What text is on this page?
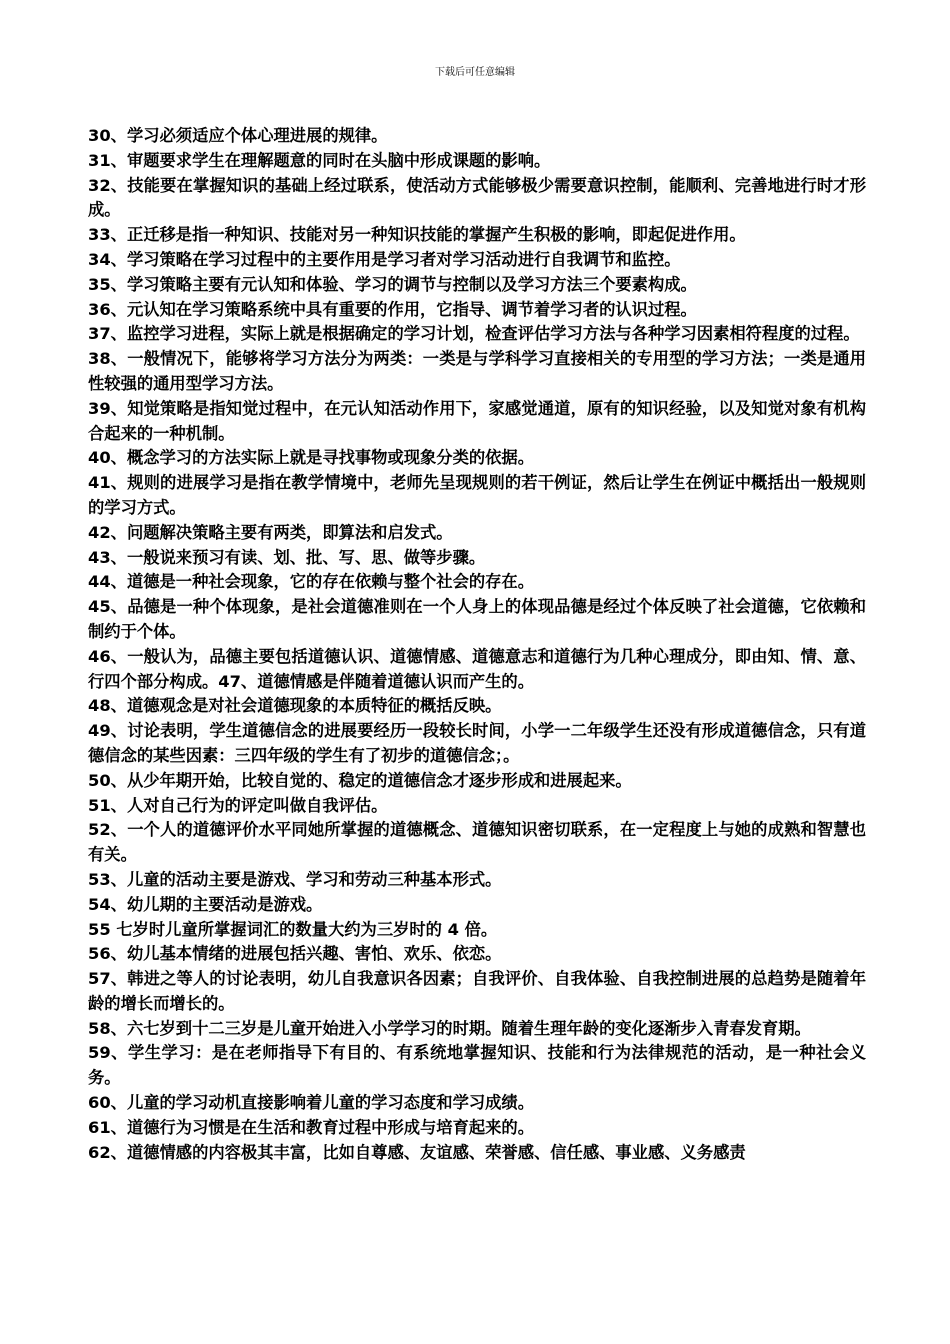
下载后可任意编辑

30、学习必须适应个体心理进展的规律。

31、审题要求学生在理解题意的同时在头脑中形成课题的影响。

32、技能要在掌握知识的基础上经过联系，使活动方式能够极少需要意识控制，能顺利、完善地进行时才形成。

33、正迁移是指一种知识、技能对另一种知识技能的掌握产生积极的影响，即起促进作用。

34、学习策略在学习过程中的主要作用是学习者对学习活动进行自我调节和监控。

35、学习策略主要有元认知和体验、学习的调节与控制以及学习方法三个要素构成。

36、元认知在学习策略系统中具有重要的作用，它指导、调节着学习者的认识过程。

37、监控学习进程，实际上就是根据确定的学习计划，检查评估学习方法与各种学习因素相符程度的过程。

38、一般情况下，能够将学习方法分为两类：一类是与学科学习直接相关的专用型的学习方法；一类是通用性较强的通用型学习方法。

39、知觉策略是指知觉过程中，在元认知活动作用下，家感觉通道，原有的知识经验，以及知觉对象有机构合起来的一种机制。

40、概念学习的方法实际上就是寻找事物或现象分类的依据。

41、规则的进展学习是指在教学情境中，老师先呈现规则的若干例证，然后让学生在例证中概括出一般规则的学习方式。

42、问题解决策略主要有两类，即算法和启发式。

43、一般说来预习有读、划、批、写、思、做等步骤。

44、道德是一种社会现象，它的存在依赖与整个社会的存在。

45、品德是一种个体现象，是社会道德准则在一个人身上的体现品德是经过个体反映了社会道德，它依赖和制约于个体。

46、一般认为，品德主要包括道德认识、道德情感、道德意志和道德行为几种心理成分，即由知、情、意、行四个部分构成。47、道德情感是伴随着道德认识而产生的。

48、道德观念是对社会道德现象的本质特征的概括反映。

49、讨论表明，学生道德信念的进展要经历一段较长时间，小学一二年级学生还没有形成道德信念，只有道德信念的某些因素：三四年级的学生有了初步的道德信念；。

50、从少年期开始，比较自觉的、稳定的道德信念才逐步形成和进展起来。

51、人对自己行为的评定叫做自我评估。

52、一个人的道德评价水平同她所掌握的道德概念、道德知识密切联系，在一定程度上与她的成熟和智慧也有关。

53、儿童的活动主要是游戏、学习和劳动三种基本形式。

54、幼儿期的主要活动是游戏。

55 七岁时儿童所掌握词汇的数量大约为三岁时的 4 倍。

56、幼儿基本情绪的进展包括兴趣、害怕、欢乐、依恋。

57、韩进之等人的讨论表明，幼儿自我意识各因素；自我评价、自我体验、自我控制进展的总趋势是随着年龄的增长而增长的。

58、六七岁到十二三岁是儿童开始进入小学学习的时期。随着生理年龄的变化逐渐步入青春发育期。

59、学生学习：是在老师指导下有目的、有系统地掌握知识、技能和行为法律规范的活动，是一种社会义务。

60、儿童的学习动机直接影响着儿童的学习态度和学习成绩。

61、道德行为习惯是在生活和教育过程中形成与培育起来的。

62、道德情感的内容极其丰富，比如自尊感、友谊感、荣誉感、信任感、事业感、义务感责
